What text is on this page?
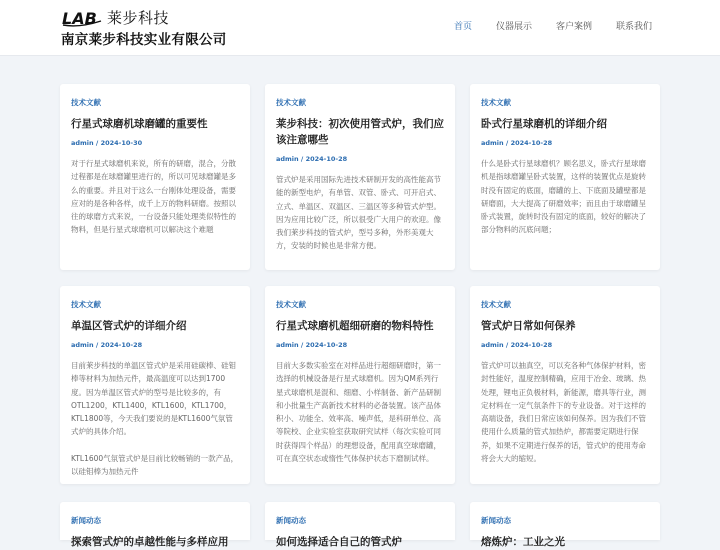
LAB 莱步科技
南京莱步科技实业有限公司
首页	仪器展示	客户案例	联系我们
技术文献
行星式球磨机球磨罐的重要性
admin / 2024-10-30

对于行星式球磨机来说，所有的研磨，混合，分散过程都是在球磨罐里进行的，所以可见球磨罐是多么的重要。并且对于这么一台刚体处理设备，需要应对的是各种各样，成千上万的物料研磨。按照以往的球磨方式来说，一台设备只能处理类似特性的物料，但是行星式球磨机可以解决这个难题

技术文献
莱步科技：初次使用管式炉，我们应该注意哪些
admin / 2024-10-28

管式炉是采用国际先进技术研制开发的高性能高节能的新型电炉，有单管、双管、卧式、可开启式、立式、单温区、双温区、三温区等多种管式炉型。因为应用比较广泛，所以很受广大用户的欢迎。像我们莱步科技的管式炉，型号多种，外形美观大方，安装的时候也是非常方便。

技术文献
卧式行星球磨机的详细介绍
admin / 2024-10-28

什么是卧式行星球磨机？顾名思义，卧式行星球磨机是指球磨罐呈卧式装置，这样的装置优点是旋转时没有固定的底面，磨罐的上、下底面及罐壁都是研磨面，大大提高了研磨效率；而且由于球磨罐呈卧式装置，旋转时没有固定的底面，较好的解决了部分物料的沉底问题；

技术文献
单温区管式炉的详细介绍
admin / 2024-10-28

目前莱步科技的单温区管式炉是采用硅碳棒、硅钼棒等材料为加热元件，最高温度可以达到1700度。因为单温区管式炉的型号是比较多的，有OTL1200，KTL1400，KTL1600，KTL1700，KTL1800等，今天我们要说的是KTL1600气氛管式炉的具体介绍。

KTL1600气氛管式炉是目前比较畅销的一款产品，以硅钼棒为加热元件

技术文献
行星式球磨机超细研磨的物料特性
admin / 2024-10-28

目前大多数实验室在对样品进行超细研磨时，第一选择的机械设备是行星式球磨机。因为QM系列行星式球磨机是混和、细磨、小样制备、新产品研制和小批量生产高新技术材料的必备装置。该产品体积小、功能全、效率高、噪声低，是科研单位、高等院校、企业实验室获取研究试样（每次实验可同时获得四个样品）的理想设备，配用真空球磨罐，可在真空状态或惰性气体保护状态下磨制试样。

技术文献
管式炉日常如何保养
admin / 2024-10-28

管式炉可以抽真空，可以充各种气体保护材料，密封性能好，温度控制精确，应用于冶金、玻璃、热处理，锂电正负极材料，新能源，磨具等行业，测定材料在一定气氛条件下的专业设备。对于这样的高端设备，我们日常应该如何保养。因为我们不管使用什么质量的管式加热炉，都需要定期进行保养，如果不定期进行保养的话，管式炉的使用寿命将会大大的缩短。

新闻动态
探索管式炉的卓越性能与多样应用
新闻动态
如何选择适合自己的管式炉
新闻动态
熔炼炉：工业之光
